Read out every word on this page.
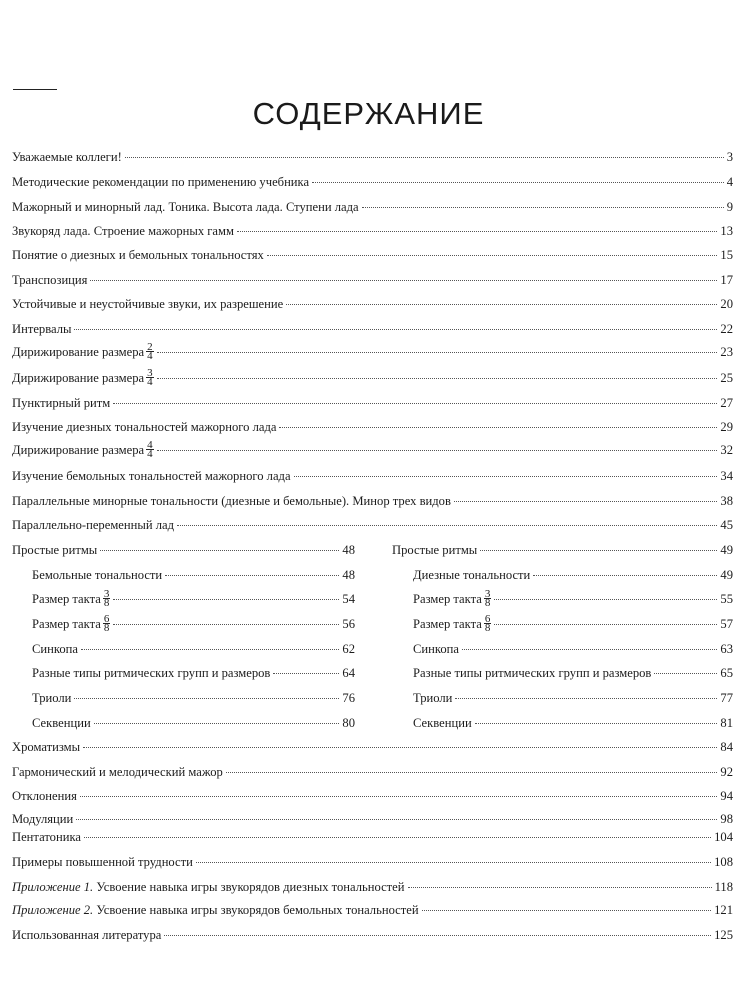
СОДЕРЖАНИЕ
Уважаемые коллеги!	3
Методические рекомендации по применению учебника	4
Мажорный и минорный лад. Тоника. Высота лада. Ступени лада	9
Звукоряд лада. Строение мажорных гамм	13
Понятие о диезных и бемольных тональностях	15
Транспозиция	17
Устойчивые и неустойчивые звуки, их разрешение	20
Интервалы	22
Дирижирование размера $\frac{2}{4}$	23
Дирижирование размера $\frac{3}{4}$	25
Пунктирный ритм	27
Изучение диезных тональностей мажорного лада	29
Дирижирование размера $\frac{4}{4}$	32
Изучение бемольных тональностей мажорного лада	34
Параллельные минорные тональности (диезные и бемольные). Минор трех видов	38
Параллельно-переменный лад	45
Простые ритмы	48
Бемольные тональности	48
Размер такта $\frac{3}{8}$	54
Размер такта $\frac{6}{8}$	56
Синкопа	62
Разные типы ритмических групп и размеров	64
Триоли	76
Секвенции	80
Простые ритмы	49
Диезные тональности	49
Размер такта $\frac{3}{8}$	55
Размер такта $\frac{6}{8}$	57
Синкопа	63
Разные типы ритмических групп и размеров	65
Триоли	77
Секвенции	81
Хроматизмы	84
Гармонический и мелодический мажор	92
Отклонения	94
Модуляции	98
Пентатоника	104
Примеры повышенной трудности	108
Приложение 1. Усвоение навыка игры звукорядов диезных тональностей	118
Приложение 2. Усвоение навыка игры звукорядов бемольных тональностей	121
Использованная литература	125
